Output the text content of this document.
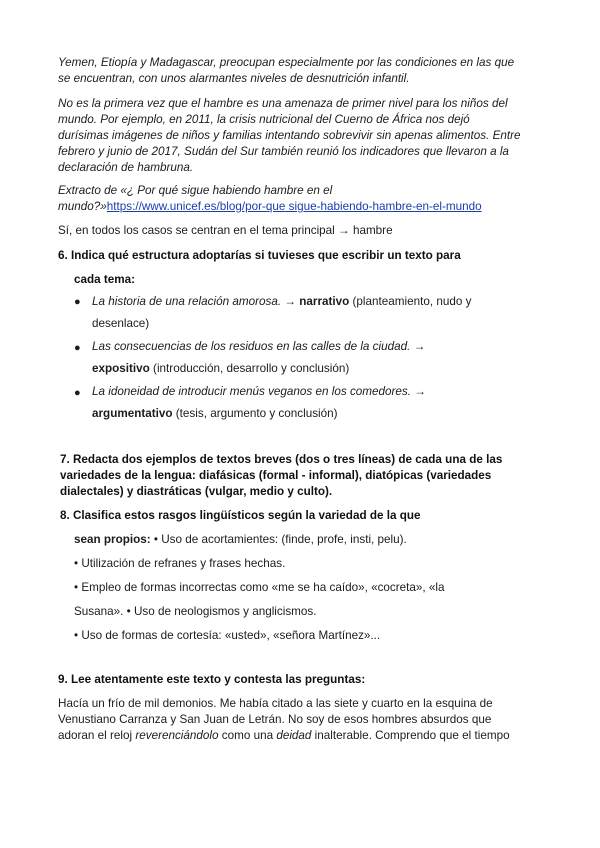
Yemen, Etiopía y Madagascar, preocupan especialmente por las condiciones en las que
se encuentran, con unos alarmantes niveles de desnutrición infantil.
No es la primera vez que el hambre es una amenaza de primer nivel para los niños del
mundo. Por ejemplo, en 2011, la crisis nutricional del Cuerno de África nos dejó
durísimas imágenes de niños y familias intentando sobrevivir sin apenas alimentos. Entre
febrero y junio de 2017, Sudán del Sur también reunió los indicadores que llevaron a la
declaración de hambruna.
Extracto de «¿ Por qué sigue habiendo hambre en el
mundo?»https://www.unicef.es/blog/por-que sigue-habiendo-hambre-en-el-mundo
Sí, en todos los casos se centran en el tema principal → hambre
6. Indica qué estructura adoptarías si tuvieses que escribir un texto para
cada tema:
● La historia de una relación amorosa. → narrativo (planteamiento, nudo y
desenlace)
● Las consecuencias de los residuos en las calles de la ciudad. →
expositivo (introducción, desarrollo y conclusión)
● La idoneidad de introducir menús veganos en los comedores. →
argumentativo (tesis, argumento y conclusión)
7. Redacta dos ejemplos de textos breves (dos o tres líneas) de cada una de las
variedades de la lengua: diafásicas (formal - informal), diatópicas (variedades
dialectales) y diastráticas (vulgar, medio y culto).
8. Clasifica estos rasgos lingüísticos según la variedad de la que
sean propios: • Uso de acortamientes: (finde, profe, insti, pelu).
• Utilización de refranes y frases hechas.
• Empleo de formas incorrectas como «me se ha caído», «cocreta», «la
Susana». • Uso de neologismos y anglicismos.
• Uso de formas de cortesía: «usted», «señora Martínez»...
9. Lee atentamente este texto y contesta las preguntas:
Hacía un frío de mil demonios. Me había citado a las siete y cuarto en la esquina de
Venustiano Carranza y San Juan de Letrán. No soy de esos hombres absurdos que
adoran el reloj reverenciándolo como una deidad inalterable. Comprendo que el tiempo
